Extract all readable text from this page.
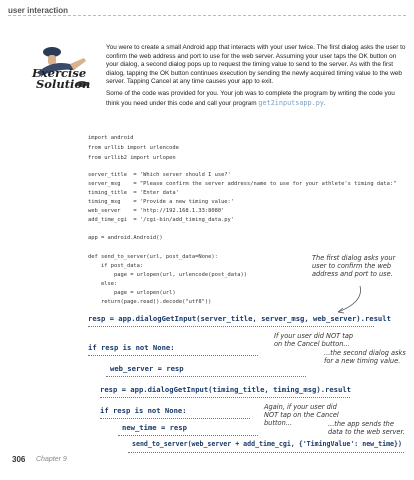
user interaction
Exercise
Solution

You were to create a small Android app that interacts with your user twice. The first dialog asks the user to confirm the web address and port to use for the web server. Assuming your user taps the OK button on your dialog, a second dialog pops up to request the timing value to send to the server. As with the first dialog, tapping the OK button continues execution by sending the newly acquired timing value to the web server. Tapping Cancel at any time causes your app to exit.

Some of the code was provided for you. Your job was to complete the program by writing the code you think you need under this code and call your program get2inputsapp.py.

import android
from urllib import urlencode
from urllib2 import urlopen
server_title  = 'Which server should I use?'
server_msg    = "Please confirm the server address/name to use for your athlete's timing data:"
timing_title  = 'Enter data'
timing_msg    = 'Provide a new timing value:'
web_server    = 'http://192.168.1.33:8080'
add_time_cgi  = '/cgi-bin/add_timing_data.py'
app = android.Android()
def send_to_server(url, post_data=None):
if post_data:
page = urlopen(url, urlencode(post_data))
else:
page = urlopen(url)
return(page.read().decode("utf8"))
The first dialog asks your user to confirm the web address and port to use.
resp = app.dialogGetInput(server_title, server_msg, web_server).result
If your user did NOT tap on the Cancel button...
if resp is not None:
...the second dialog asks for a new timing value.
web_server = resp
resp = app.dialogGetInput(timing_title, timing_msg).result
if resp is not None:	Again, if your user did NOT tap on the Cancel button...
new_time = resp	...the app sends the data to the web server.
send_to_server(web_server + add_time_cgi, {'TimingValue': new_time})
306 Chapter 9
